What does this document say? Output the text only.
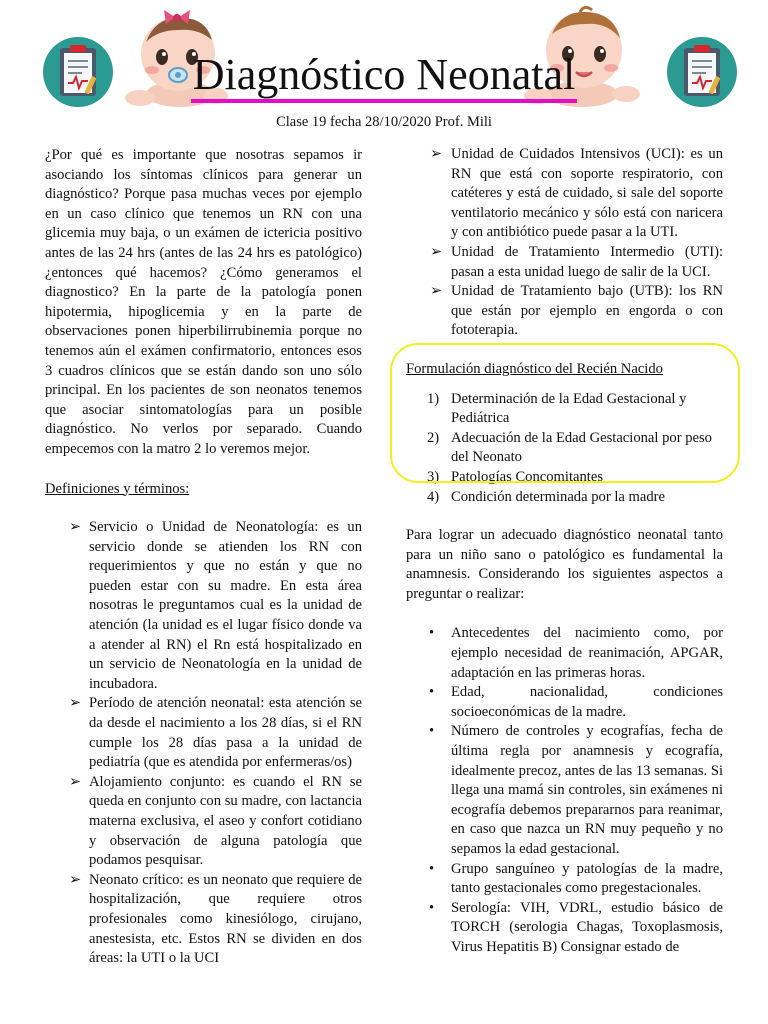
Diagnóstico Neonatal
Clase 19 fecha 28/10/2020 Prof. Mili

¿Por qué es importante que nosotras sepamos ir asociando los síntomas clínicos para generar un diagnóstico? Porque pasa muchas veces por ejemplo en un caso clínico que tenemos un RN con una glicemia muy baja, o un exámen de ictericia positivo antes de las 24 hrs (antes de las 24 hrs es patológico) ¿entonces qué hacemos? ¿Cómo generamos el diagnostico? En la parte de la patología ponen hipotermia, hipoglicemia y en la parte de observaciones ponen hiperbilirrubinemia porque no tenemos aún el exámen confirmatorio, entonces esos 3 cuadros clínicos que se están dando son uno sólo principal. En los pacientes de son neonatos tenemos que asociar sintomatologías para un posible diagnóstico. No verlos por separado. Cuando empecemos con la matro 2 lo veremos mejor.

Definiciones y términos:

➢ Servicio o Unidad de Neonatología: es un servicio donde se atienden los RN con requerimientos y que no están y que no pueden estar con su madre. En esta área nosotras le preguntamos cual es la unidad de atención (la unidad es el lugar físico donde va a atender al RN) el Rn está hospitalizado en un servicio de Neonatología en la unidad de incubadora.
➢ Período de atención neonatal: esta atención se da desde el nacimiento a los 28 días, si el RN cumple los 28 días pasa a la unidad de pediatría (que es atendida por enfermeras/os)
➢ Alojamiento conjunto: es cuando el RN se queda en conjunto con su madre, con lactancia materna exclusiva, el aseo y confort cotidiano y observación de alguna patología que podamos pesquisar.
➢ Neonato crítico: es un neonato que requiere de hospitalización, que requiere otros profesionales como kinesiólogo, cirujano, anestesista, etc. Estos RN se dividen en dos áreas: la UTI o la UCI
➢ Unidad de Cuidados Intensivos (UCI): es un RN que está con soporte respiratorio, con catéteres y está de cuidado, si sale del soporte ventilatorio mecánico y sólo está con naricera y con antibiótico puede pasar a la UTI.
➢ Unidad de Tratamiento Intermedio (UTI): pasan a esta unidad luego de salir de la UCI.
➢ Unidad de Tratamiento bajo (UTB): los RN que están por ejemplo en engorda o con fototerapia.

Formulación diagnóstico del Recién Nacido

1) Determinación de la Edad Gestacional y Pediátrica
2) Adecuación de la Edad Gestacional por peso del Neonato
3) Patologías Concomitantes
4) Condición determinada por la madre

Para lograr un adecuado diagnóstico neonatal tanto para un niño sano o patológico es fundamental la anamnesis. Considerando los siguientes aspectos a preguntar o realizar:

• Antecedentes del nacimiento como, por ejemplo necesidad de reanimación, APGAR, adaptación en las primeras horas.
• Edad, nacionalidad, condiciones socioeconómicas de la madre.
• Número de controles y ecografías, fecha de última regla por anamnesis y ecografía, idealmente precoz, antes de las 13 semanas. Si llega una mamá sin controles, sin exámenes ni ecografía debemos prepararnos para reanimar, en caso que nazca un RN muy pequeño y no sepamos la edad gestacional.
• Grupo sanguíneo y patologías de la madre, tanto gestacionales como pregestacionales.
• Serología: VIH, VDRL, estudio básico de TORCH (serologia Chagas, Toxoplasmosis, Virus Hepatitis B) Consignar estado de
